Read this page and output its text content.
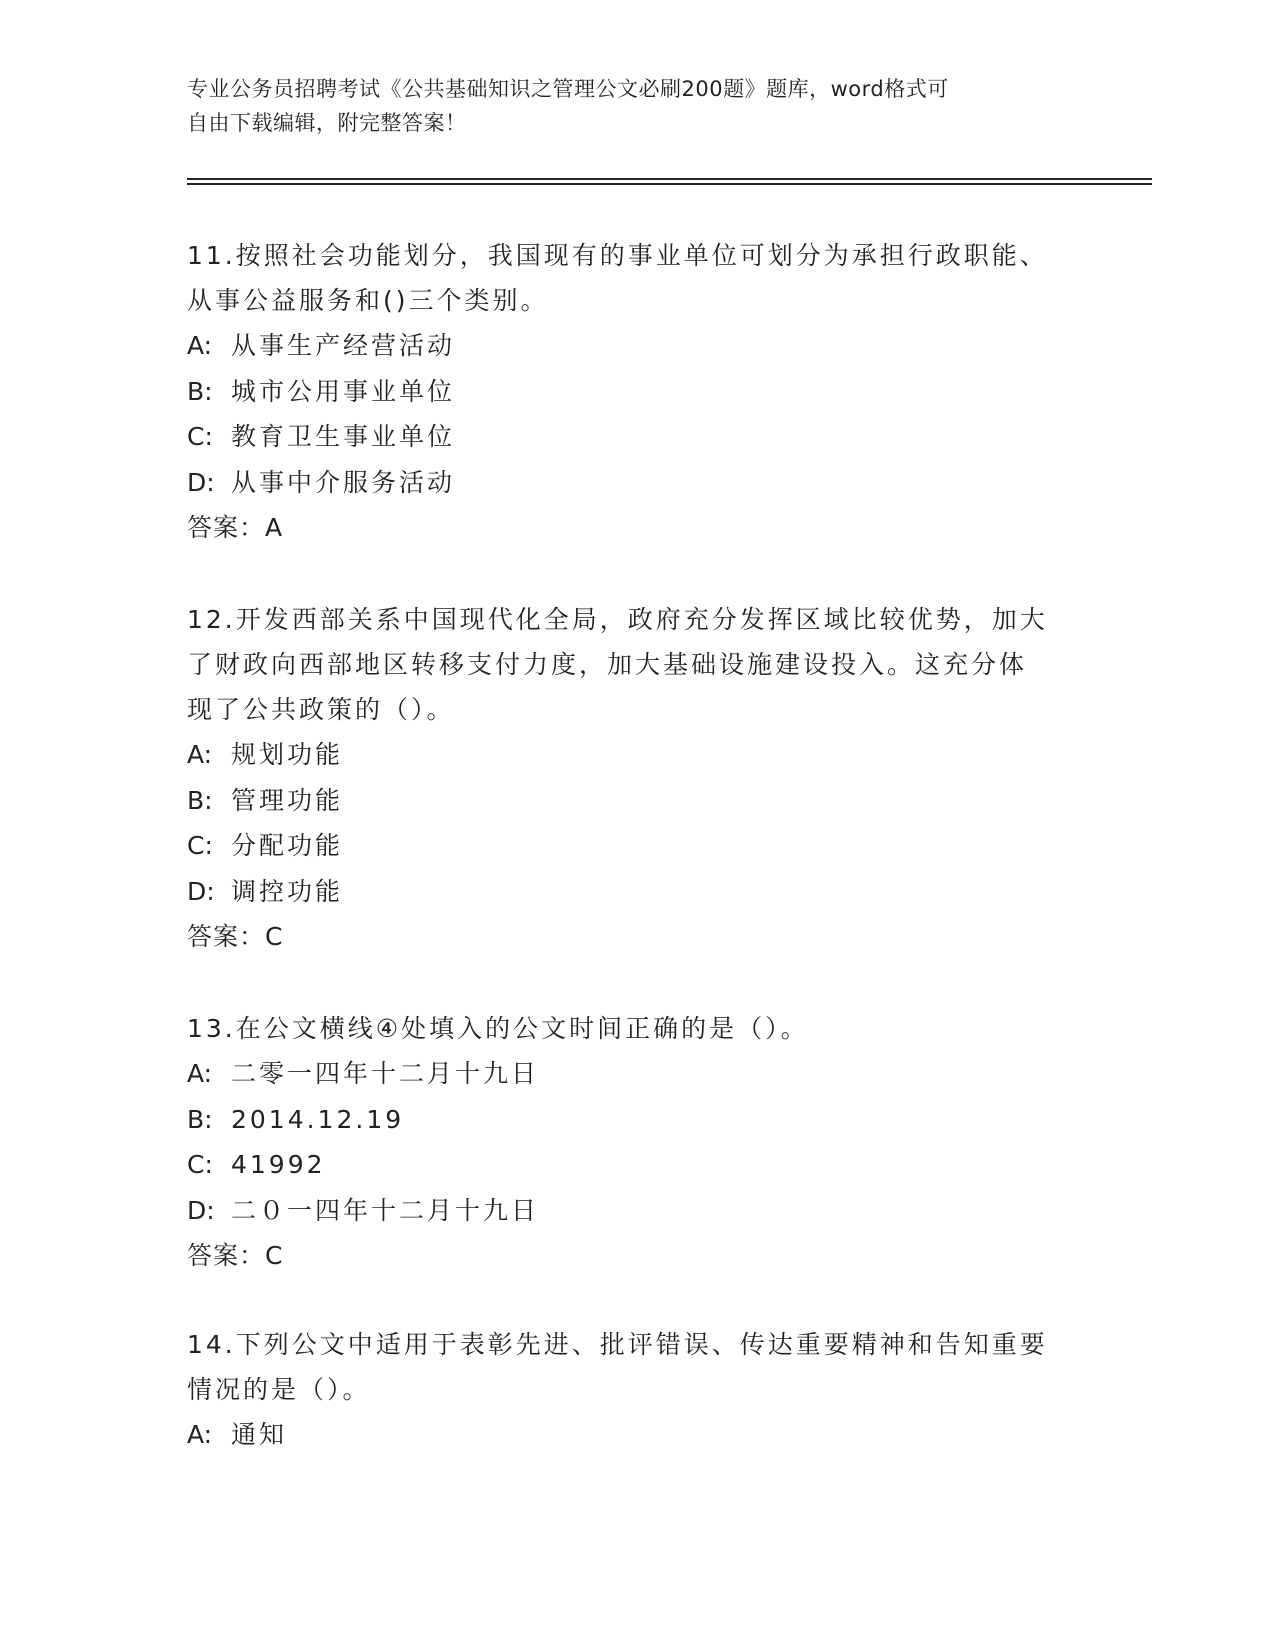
专业公务员招聘考试《公共基础知识之管理公文必刷200题》题库，word格式可
自由下载编辑，附完整答案！

11.按照社会功能划分，我国现有的事业单位可划分为承担行政职能、

从事公益服务和()三个类别。

A: 从事生产经营活动

B: 城市公用事业单位

C: 教育卫生事业单位

D: 从事中介服务活动

答案：A

12.开发西部关系中国现代化全局，政府充分发挥区域比较优势，加大

了财政向西部地区转移支付力度，加大基础设施建设投入。这充分体

现了公共政策的（）。

A: 规划功能

B: 管理功能

C: 分配功能

D: 调控功能

答案：C

13.在公文横线④处填入的公文时间正确的是（）。

A: 二零一四年十二月十九日

B: 2014.12.19

C: 41992

D: 二０一四年十二月十九日

答案：C

14.下列公文中适用于表彰先进、批评错误、传达重要精神和告知重要

情况的是（）。

A: 通知
